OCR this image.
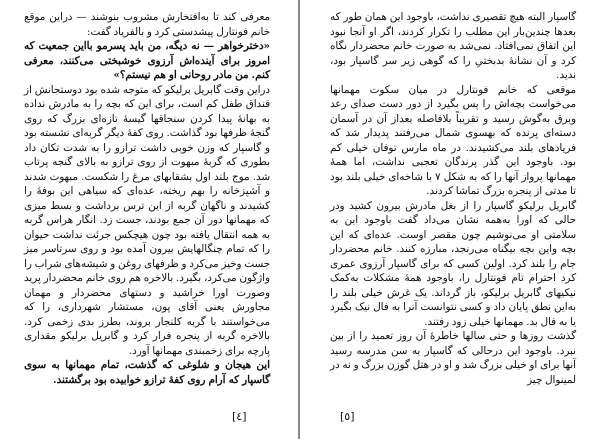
معرفی کند تا به‌افتخارش مشروب بنوشند — دراین موقع خانم فونتارل پیشدستی کرد و بالفریاد گفت:

«دخترخواهر — نه دیگه، من باید پسرمو بااین جمعیت که امروز برای آینده‌اش آرزوی خوشبختی می‌کنند، معرفی کنم. من مادر روحانی او هم نیستم؟»

دراین وقت گابریل برلیکو که متوجه شده بود دوستجانش از قنداق طفل کم است، برای این که بچه را به مادرش نداده به بهانهٔ پیدا کردن سنجاقها گیسهٔ تازه‌ای بزرگ که روی گنجهٔ ظرفها بود گذاشت. روی کفهٔ دیگر گربه‌ای نشسته بود و گاسپار که وزن خوبی داشت ترازو را به شدت تکان داد بطوری که گربهٔ مبهوت از روی ترازو به بالای گنجه پرتاب شد. موج بلند اول بشقابهای مرغ را شکست. مبهوت شدند و آشپزخانه را بهم ریخته، عده‌ای که سیاهی این بوفهٔ را کشیدند و ناگهان گربه از این ترس برداشت و بسط میزی که مهمانها دور آن جمع بودند، جست زد. انگار هراس گربه به همه انتقال یافته بود چون هیچکس جرئت نداشت حیوان را که تمام چنگالهایش بیرون آمده بود و روی سرتاسر میز جست وخیز می‌کرد و ظرفهای روغن و شیشه‌های شراب را واژگون می‌کرد، بگیرد. بالاخره هم روی خانم محضردار پرید وصورت اورا خراشید و دستهای محضردار و مهمان مجاورش یعنی آقای پون، مستشار شهرداری، را که می‌خواستند با گربه کلنجار بروند، بطرز بدی زخمی کرد. بالاخره گربه از پنجره فرار کرد و گابریل برلیکو مقداری پارچه برای زخمبندی مهمانها آورد.

این هیجان و شلوغی که گذشت، تمام مهمانها به سوی گاسپار که آرام روی کفهٔ ترازو خوابیده بود برگشتند.

[٤]

گاسپار البته هیچ تقصیری نداشت، باوجود این همان طور که بعدها چندین‌بار این مطلب را تکرار کردند، اگر او آنجا نبود این اتفاق نمی‌افتاد. نمی‌شد به صورت خانم محضردار نگاه کرد و آن نشانهٔ بدبختیِ را که گوهی زیر سر گاسپار بود، ندید.

موقعی که خانم فونتارل در میان سکوت مهمانها می‌خواست بچه‌اش را پس بگیرد از دور دست صدای رعد وبرق به‌گوش رسید و تقریباً بلافاصله بعداز آن در آسمان دسته‌ای پرنده که بهسوی شمال می‌رفتند پدیدار شد که فریادهای بلند می‌کشیدند. در ماه مارس توفان خیلی کم بود. باوجود این گذر پرندگان تعجبی نداشت، اما همهٔ مهمانها پرواز آنها را که به شکل ۷ با شاخه‌ای خیلی بلند بود تا مدتی از پنجره بزرگ تماشا کردند.

گابریل برلیکو گاسپار را از بغل مادرش بیرون کشید ودر حالی که اورا به‌همه نشان می‌داد گفت باوجود این به سلامتی او می‌نوشیم چون مقصر اوست. عده‌ای که این بچه واین بچه بیگناه می‌رنجد، مبارزه کنند. خانم محضردار جام را بلند کرد. اولین کسی که برای گاسپار آرزوی عمری کرد احترام تام فونتارل را، باوجود همهٔ مشکلات به‌کمک نیکیهای گابریل برلیکو، باز گرداند. یک غرش خیلی بلند را به‌این نطق پایان داد و کسی نتوانست آنرا به فال نیک بگیرد یا به فال بد. مهمانها خیلی زود رفتند.

گذشت روزها و حتی سالها خاطرهٔ آن روز تعمید را از بین نبرد. باوجود این درحالی که گاسپار به سن مدرسه رسید آنها برای او خیلی بزرگ شد و او در هتل گوزن بزرگ و نه در لمینوال چیز

[٥]
